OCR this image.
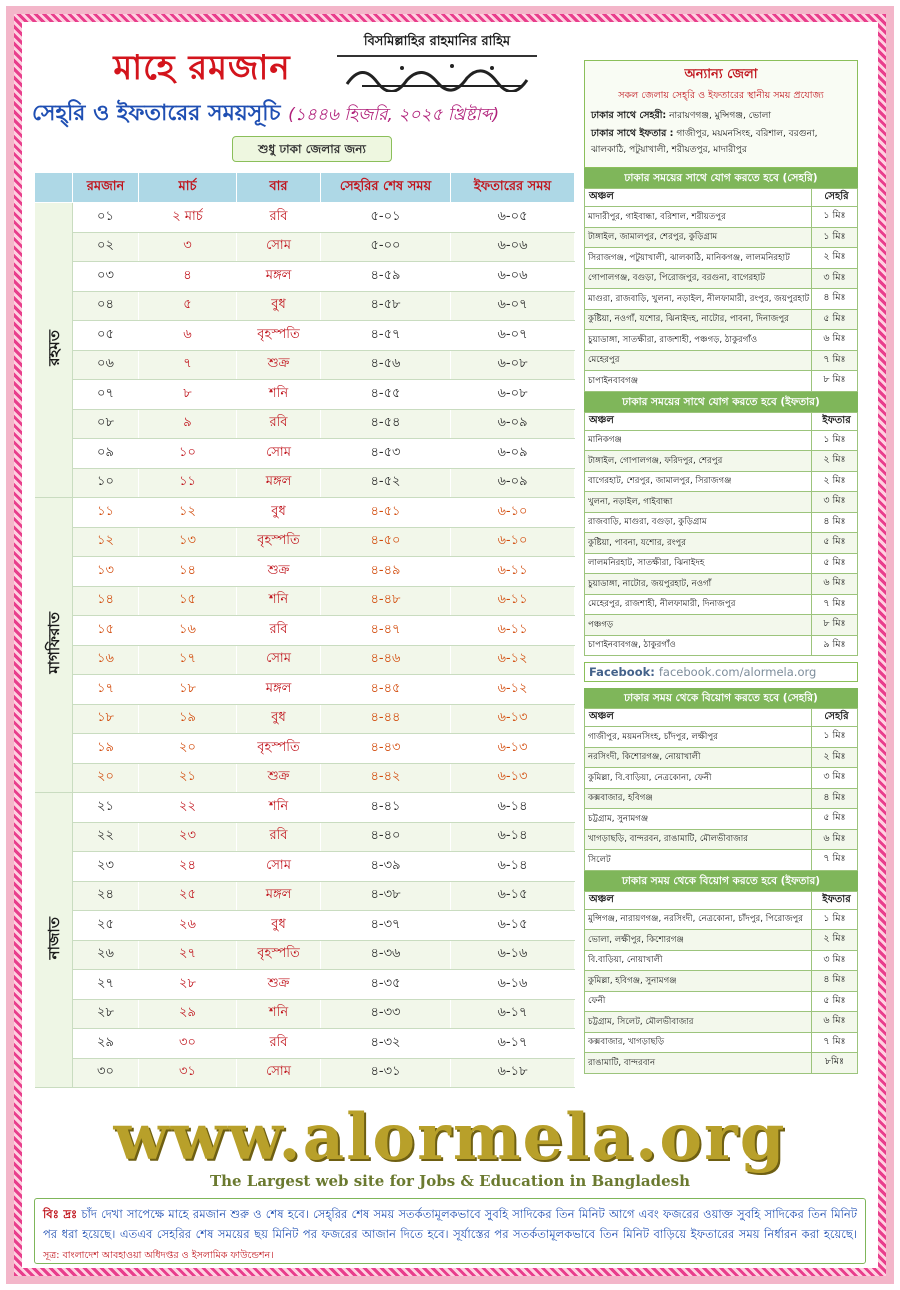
মাহে রমজান
বিসমিল্লাহির রাহমানির রাহিম
সেহ্‌রি ও ইফতারের সময়সূচি (১৪৪৬ হিজরি, ২০২৫ খ্রিষ্টাব্দ)
শুধু ঢাকা জেলার জন্য
	রমজান	মার্চ	বার	সেহরির শেষ সময়	ইফতারের সময়
রহমত	০১	২ মার্চ	রবি	৫-০১	৬-০৫
	০২	৩	সোম	৫-০০	৬-০৬
	০৩	৪	মঙ্গল	৪-৫৯	৬-০৬
	০৪	৫	বুধ	৪-৫৮	৬-০৭
	০৫	৬	বৃহস্পতি	৪-৫৭	৬-০৭
	০৬	৭	শুক্র	৪-৫৬	৬-০৮
	০৭	৮	শনি	৪-৫৫	৬-০৮
	০৮	৯	রবি	৪-৫৪	৬-০৯
	০৯	১০	সোম	৪-৫৩	৬-০৯
	১০	১১	মঙ্গল	৪-৫২	৬-০৯
মাগফিরাত	১১	১২	বুধ	৪-৫১	৬-১০
	১২	১৩	বৃহস্পতি	৪-৫০	৬-১০
	১৩	১৪	শুক্র	৪-৪৯	৬-১১
	১৪	১৫	শনি	৪-৪৮	৬-১১
	১৫	১৬	রবি	৪-৪৭	৬-১১
	১৬	১৭	সোম	৪-৪৬	৬-১২
	১৭	১৮	মঙ্গল	৪-৪৫	৬-১২
	১৮	১৯	বুধ	৪-৪৪	৬-১৩
	১৯	২০	বৃহস্পতি	৪-৪৩	৬-১৩
	২০	২১	শুক্র	৪-৪২	৬-১৩
নাজাত	২১	২২	শনি	৪-৪১	৬-১৪
	২২	২৩	রবি	৪-৪০	৬-১৪
	২৩	২৪	সোম	৪-৩৯	৬-১৪
	২৪	২৫	মঙ্গল	৪-৩৮	৬-১৫
	২৫	২৬	বুধ	৪-৩৭	৬-১৫
	২৬	২৭	বৃহস্পতি	৪-৩৬	৬-১৬
	২৭	২৮	শুক্র	৪-৩৫	৬-১৬
	২৮	২৯	শনি	৪-৩৩	৬-১৭
	২৯	৩০	রবি	৪-৩২	৬-১৭
	৩০	৩১	সোম	৪-৩১	৬-১৮
অন্যান্য জেলা
সকল জেলায় সেহ্‌রি ও ইফতারের স্থানীয় সময় প্রযোজ্য
ঢাকার সাথে সেহরী: নারায়ণগঞ্জ, মুন্সিগঞ্জ, ভোলা
ঢাকার সাথে ইফতার : গাজীপুর, ময়মনসিংহ, বরিশাল, বরগুনা, ঝালকাঠি, পটুয়াখালী, শরীয়তপুর, মাদারীপুর
ঢাকার সময়ের সাথে যোগ করতে হবে (সেহরি)
অঞ্চল	সেহরি
মাদারীপুর, গাইবান্ধা, বরিশাল, শরীয়তপুর	১ মিঃ
টাঙ্গাইল, জামালপুর, শেরপুর, কুড়িগ্রাম	১ মিঃ
সিরাজগঞ্জ, পটুয়াখালী, ঝালকাঠি, মানিকগঞ্জ, লালমনিরহাট	২ মিঃ
গোপালগঞ্জ, বগুড়া, পিরোজপুর, বরগুনা, বাগেরহাট	৩ মিঃ
মাগুরা, রাজবাড়ি, খুলনা, নড়াইল, নীলফামারী, রংপুর, জয়পুরহাট	৪ মিঃ
কুষ্টিয়া, নওগাঁ, যশোর, ঝিনাইদহ, নাটোর, পাবনা, দিনাজপুর	৫ মিঃ
চুয়াডাঙ্গা, সাতক্ষীরা, রাজশাহী, পঞ্চগড়, ঠাকুরগাঁও	৬ মিঃ
মেহেরপুর	৭ মিঃ
চাপাইনবাবগঞ্জ	৮ মিঃ
ঢাকার সময়ের সাথে যোগ করতে হবে (ইফতার)
অঞ্চল	ইফতার
মানিকগঞ্জ	১ মিঃ
টাঙ্গাইল, গোপালগঞ্জ, ফরিদপুর, শেরপুর	২ মিঃ
বাগেরহাট, শেরপুর, জামালপুর, সিরাজগঞ্জ	২ মিঃ
খুলনা, নড়াইল, গাইবান্ধা	৩ মিঃ
রাজবাড়ি, মাগুরা, বগুড়া, কুড়িগ্রাম	৪ মিঃ
কুষ্টিয়া, পাবনা, যশোর, রংপুর	৫ মিঃ
লালমনিরহাট, সাতক্ষীরা, ঝিনাইদহ	৫ মিঃ
চুয়াডাঙ্গা, নাটোর, জয়পুরহাট, নওগাঁ	৬ মিঃ
মেহেরপুর, রাজশাহী, নীলফামারী, দিনাজপুর	৭ মিঃ
পঞ্চগড়	৮ মিঃ
চাপাইনবাবগঞ্জ, ঠাকুরগাঁও	৯ মিঃ
Facebook: facebook.com/alormela.org
ঢাকার সময় থেকে বিয়োগ করতে হবে (সেহরি)
অঞ্চল	সেহরি
গাজীপুর, ময়মনসিংহ, চাঁদপুর, লক্ষীপুর	১ মিঃ
নরসিংদী, কিশোরগঞ্জ, নোয়াখালী	২ মিঃ
কুমিল্লা, বি.বাড়িয়া, নেত্রকোনা, ফেনী	৩ মিঃ
কক্সবাজার, হবিগঞ্জ	৪ মিঃ
চট্টগ্রাম, সুনামগঞ্জ	৫ মিঃ
খাগড়াছড়ি, বান্দরবন, রাঙামাটি, মৌলভীবাজার	৬ মিঃ
সিলেট	৭ মিঃ
ঢাকার সময় থেকে বিয়োগ করতে হবে (ইফতার)
অঞ্চল	ইফতার
মুন্সিগঞ্জ, নারায়ণগঞ্জ, নরসিংদী, নেত্রকোনা, চাঁদপুর, পিরোজপুর	১ মিঃ
ভোলা, লক্ষীপুর, কিশোরগঞ্জ	২ মিঃ
বি.বাড়িয়া, নোয়াখালী	৩ মিঃ
কুমিল্লা, হবিগঞ্জ, সুনামগঞ্জ	৪ মিঃ
ফেনী	৫ মিঃ
চট্টগ্রাম, সিলেট, মৌলভীবাজার	৬ মিঃ
কক্সবাজার, খাগড়াছড়ি	৭ মিঃ
রাঙামাটি, বান্দরবান	৮মিঃ
www.alormela.org
The Largest web site for Jobs & Education in Bangladesh
বিঃ দ্রঃ চাঁদ দেখা সাপেক্ষে মাহে রমজান শুরু ও শেষ হবে। সেহ্‌রির শেষ সময় সতর্কতামূলকভাবে সুবহি সাদিকের তিন মিনিট আগে এবং ফজরের ওয়াক্ত সুবহি সাদিকের তিন মিনিট পর ধরা হয়েছে। এতএব সেহরির শেষ সময়ের ছয় মিনিট পর ফজরের আজান দিতে হবে। সূর্যাস্তের পর সতর্কতামূলকভাবে তিন মিনিট বাড়িয়ে ইফতারের সময় নির্ধারন করা হয়েছে। সূত্র: বাংলাদেশ আবহাওয়া অধিদপ্তর ও ইসলামিক ফাউন্ডেশন।
